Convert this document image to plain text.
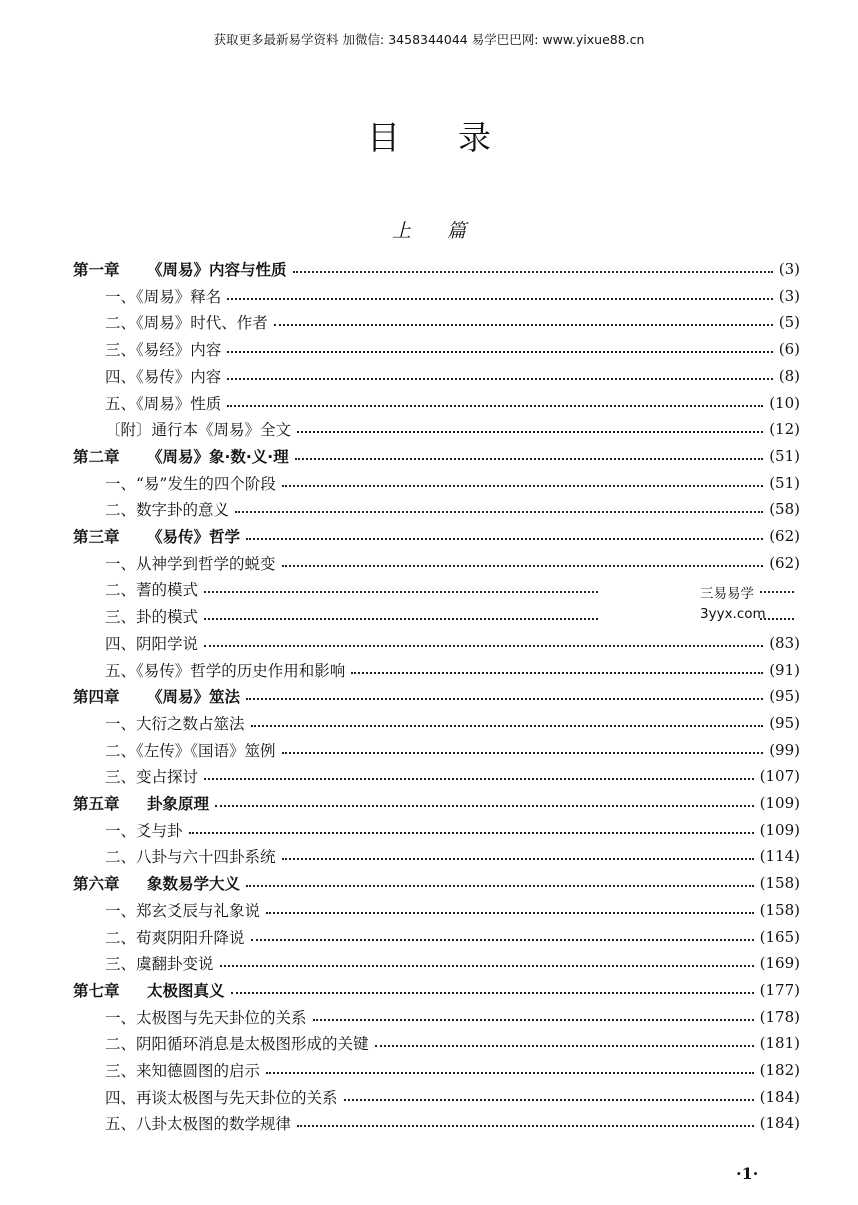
获取更多最新易学资料 加微信: 3458344044 易学巴巴网: www.yixue88.cn
目录
上篇
第一章 《周易》内容与性质	(3)
一、《周易》释名	(3)
二、《周易》时代、作者	(5)
三、《易经》内容	(6)
四、《易传》内容	(8)
五、《周易》性质	(10)
〔附〕通行本《周易》全文	(12)
第二章 《周易》象·数·义·理	(51)
一、“易”发生的四个阶段	(51)
二、数字卦的意义	(58)
第三章 《易传》哲学	(62)
一、从神学到哲学的蜕变	(62)
二、蓍的模式
三、卦的模式
四、阴阳学说	(83)
五、《易传》哲学的历史作用和影响	(91)
第四章 《周易》筮法	(95)
一、大衍之数占筮法	(95)
二、《左传》《国语》筮例	(99)
三、变占探讨	(107)
第五章 卦象原理	(109)
一、爻与卦	(109)
二、八卦与六十四卦系统	(114)
第六章 象数易学大义	(158)
一、郑玄爻辰与礼象说	(158)
二、荀爽阴阳升降说	(165)
三、虞翻卦变说	(169)
第七章 太极图真义	(177)
一、太极图与先天卦位的关系	(178)
二、阴阳循环消息是太极图形成的关键	(181)
三、来知德圆图的启示	(182)
四、再谈太极图与先天卦位的关系	(184)
五、八卦太极图的数学规律	(184)
三易易学
3yyx.com
·1·
